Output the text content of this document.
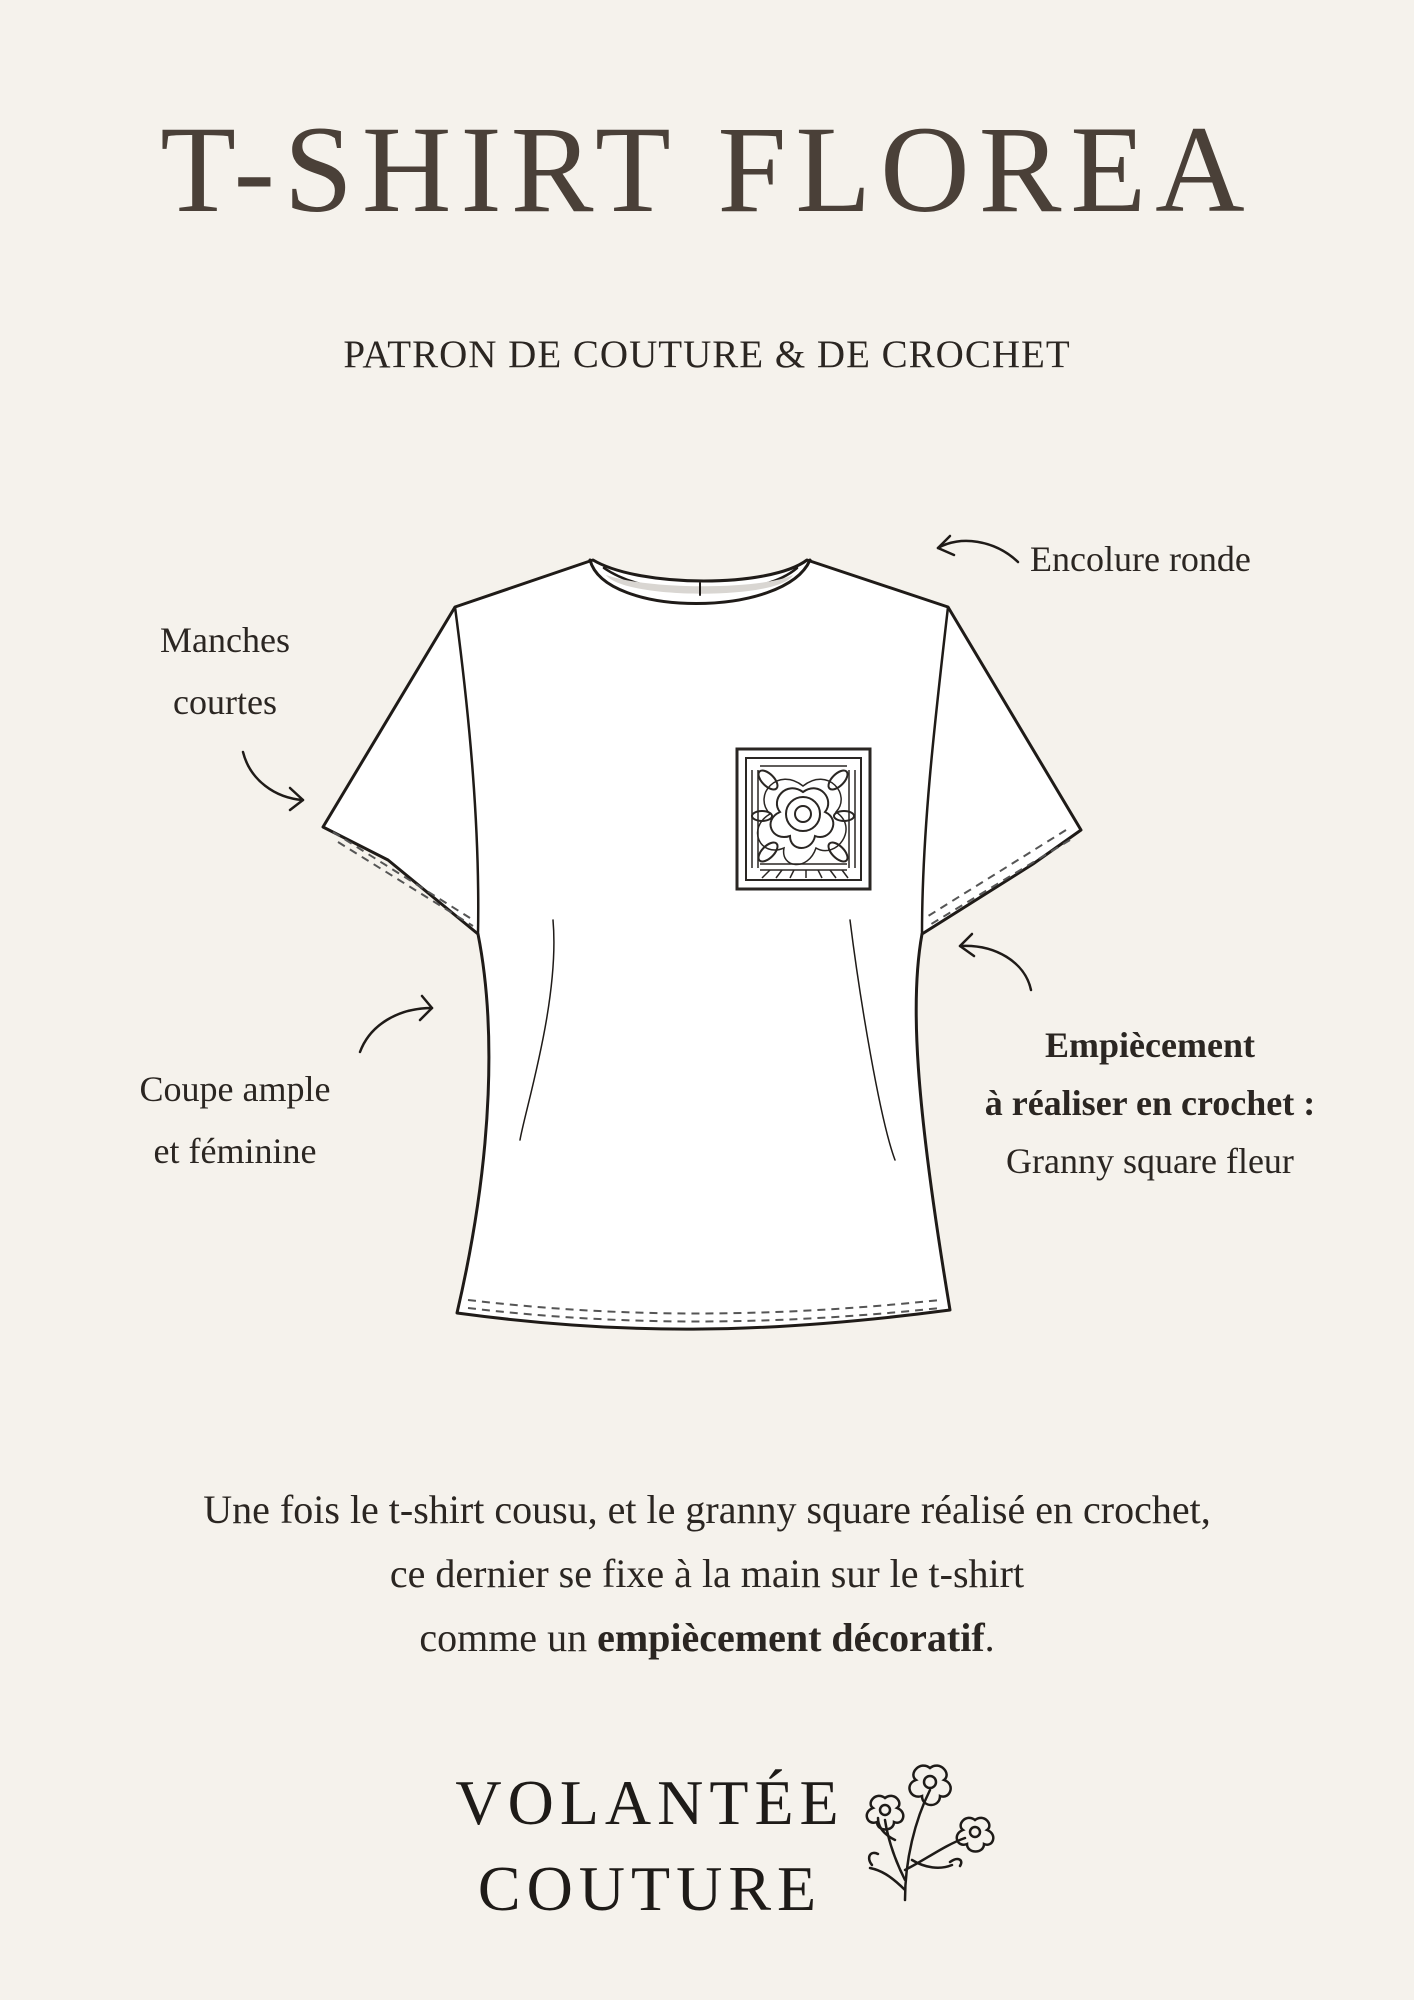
T-SHIRT FLOREA
PATRON DE COUTURE & DE CROCHET
Encolure ronde
Manches
courtes
Coupe ample
et féminine
Empiècement
à réaliser en crochet :
Granny square fleur
Une fois le t-shirt cousu, et le granny square réalisé en crochet,
ce dernier se fixe à la main sur le t-shirt
comme un empiècement décoratif.
VOLANTÉE
COUTURE
